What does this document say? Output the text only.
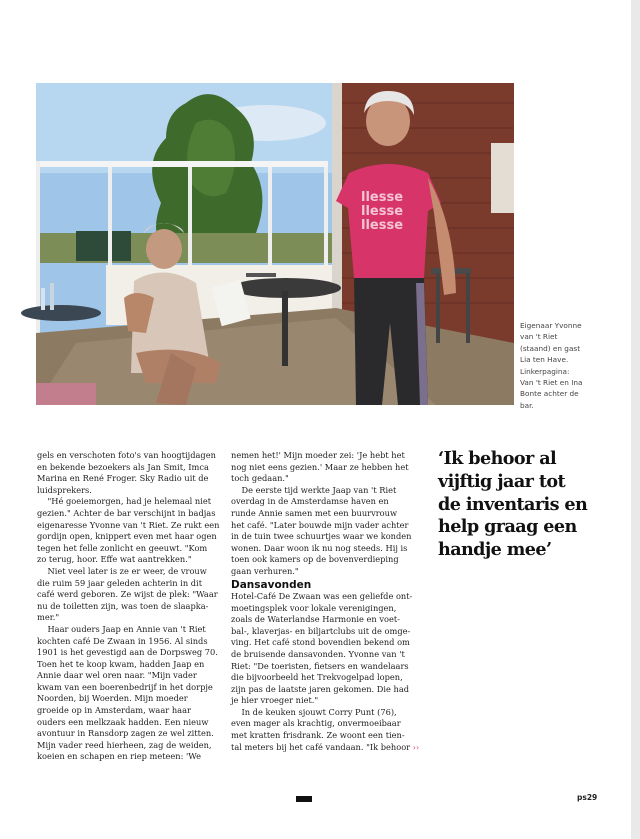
llesse
llesse
llesse
Eigenaar Yvonne
van 't Riet
(staand) en gast
Lia ten Have.
Linkerpagina:
Van 't Riet en Ina
Bonte achter de
bar.
gels en verschoten foto's van hoogtijdagen
en bekende bezoekers als Jan Smit, Imca
Marina en René Froger. Sky Radio uit de
luidsprekers.
"Hé goeiemorgen, had je helemaal niet
gezien." Achter de bar verschijnt in badjas
eigenaresse Yvonne van 't Riet. Ze rukt een
gordijn open, knippert even met haar ogen
tegen het felle zonlicht en geeuwt. "Kom
zo terug, hoor. Effe wat aantrekken."
Niet veel later is ze er weer, de vrouw
die ruim 59 jaar geleden achterin in dit
café werd geboren. Ze wijst de plek: "Waar
nu de toiletten zijn, was toen de slaapka-
mer."
Haar ouders Jaap en Annie van 't Riet
kochten café De Zwaan in 1956. Al sinds
1901 is het gevestigd aan de Dorpsweg 70.
Toen het te koop kwam, hadden Jaap en
Annie daar wel oren naar. "Mijn vader
kwam van een boerenbedrijf in het dorpje
Noorden, bij Woerden. Mijn moeder
groeide op in Amsterdam, waar haar
ouders een melkzaak hadden. Een nieuw
avontuur in Ransdorp zagen ze wel zitten.
Mijn vader reed hierheen, zag de weiden,
koeien en schapen en riep meteen: 'We
nemen het!' Mijn moeder zei: 'Je hebt het
nog niet eens gezien.' Maar ze hebben het
toch gedaan."
De eerste tijd werkte Jaap van 't Riet
overdag in de Amsterdamse haven en
runde Annie samen met een buurvrouw
het café. "Later bouwde mijn vader achter
in de tuin twee schuurtjes waar we konden
wonen. Daar woon ik nu nog steeds. Hij is
toen ook kamers op de bovenverdieping
gaan verhuren."
Dansavonden
Hotel-Café De Zwaan was een geliefde ont-
moetingsplek voor lokale verenigingen,
zoals de Waterlandse Harmonie en voet-
bal-, klaverjas- en biljartclubs uit de omge-
ving. Het café stond bovendien bekend om
de bruisende dansavonden. Yvonne van 't
Riet: "De toeristen, fietsers en wandelaars
die bijvoorbeeld het Trekvogelpad lopen,
zijn pas de laatste jaren gekomen. Die had
je hier vroeger niet."
In de keuken sjouwt Corry Punt (76),
even mager als krachtig, onvermoeibaar
met kratten frisdrank. Ze woont een tien-
tal meters bij het café vandaan. "Ik behoor ››
‘Ik behoor al
vijftig jaar tot
de inventaris en
help graag een
handje mee’
ps29
